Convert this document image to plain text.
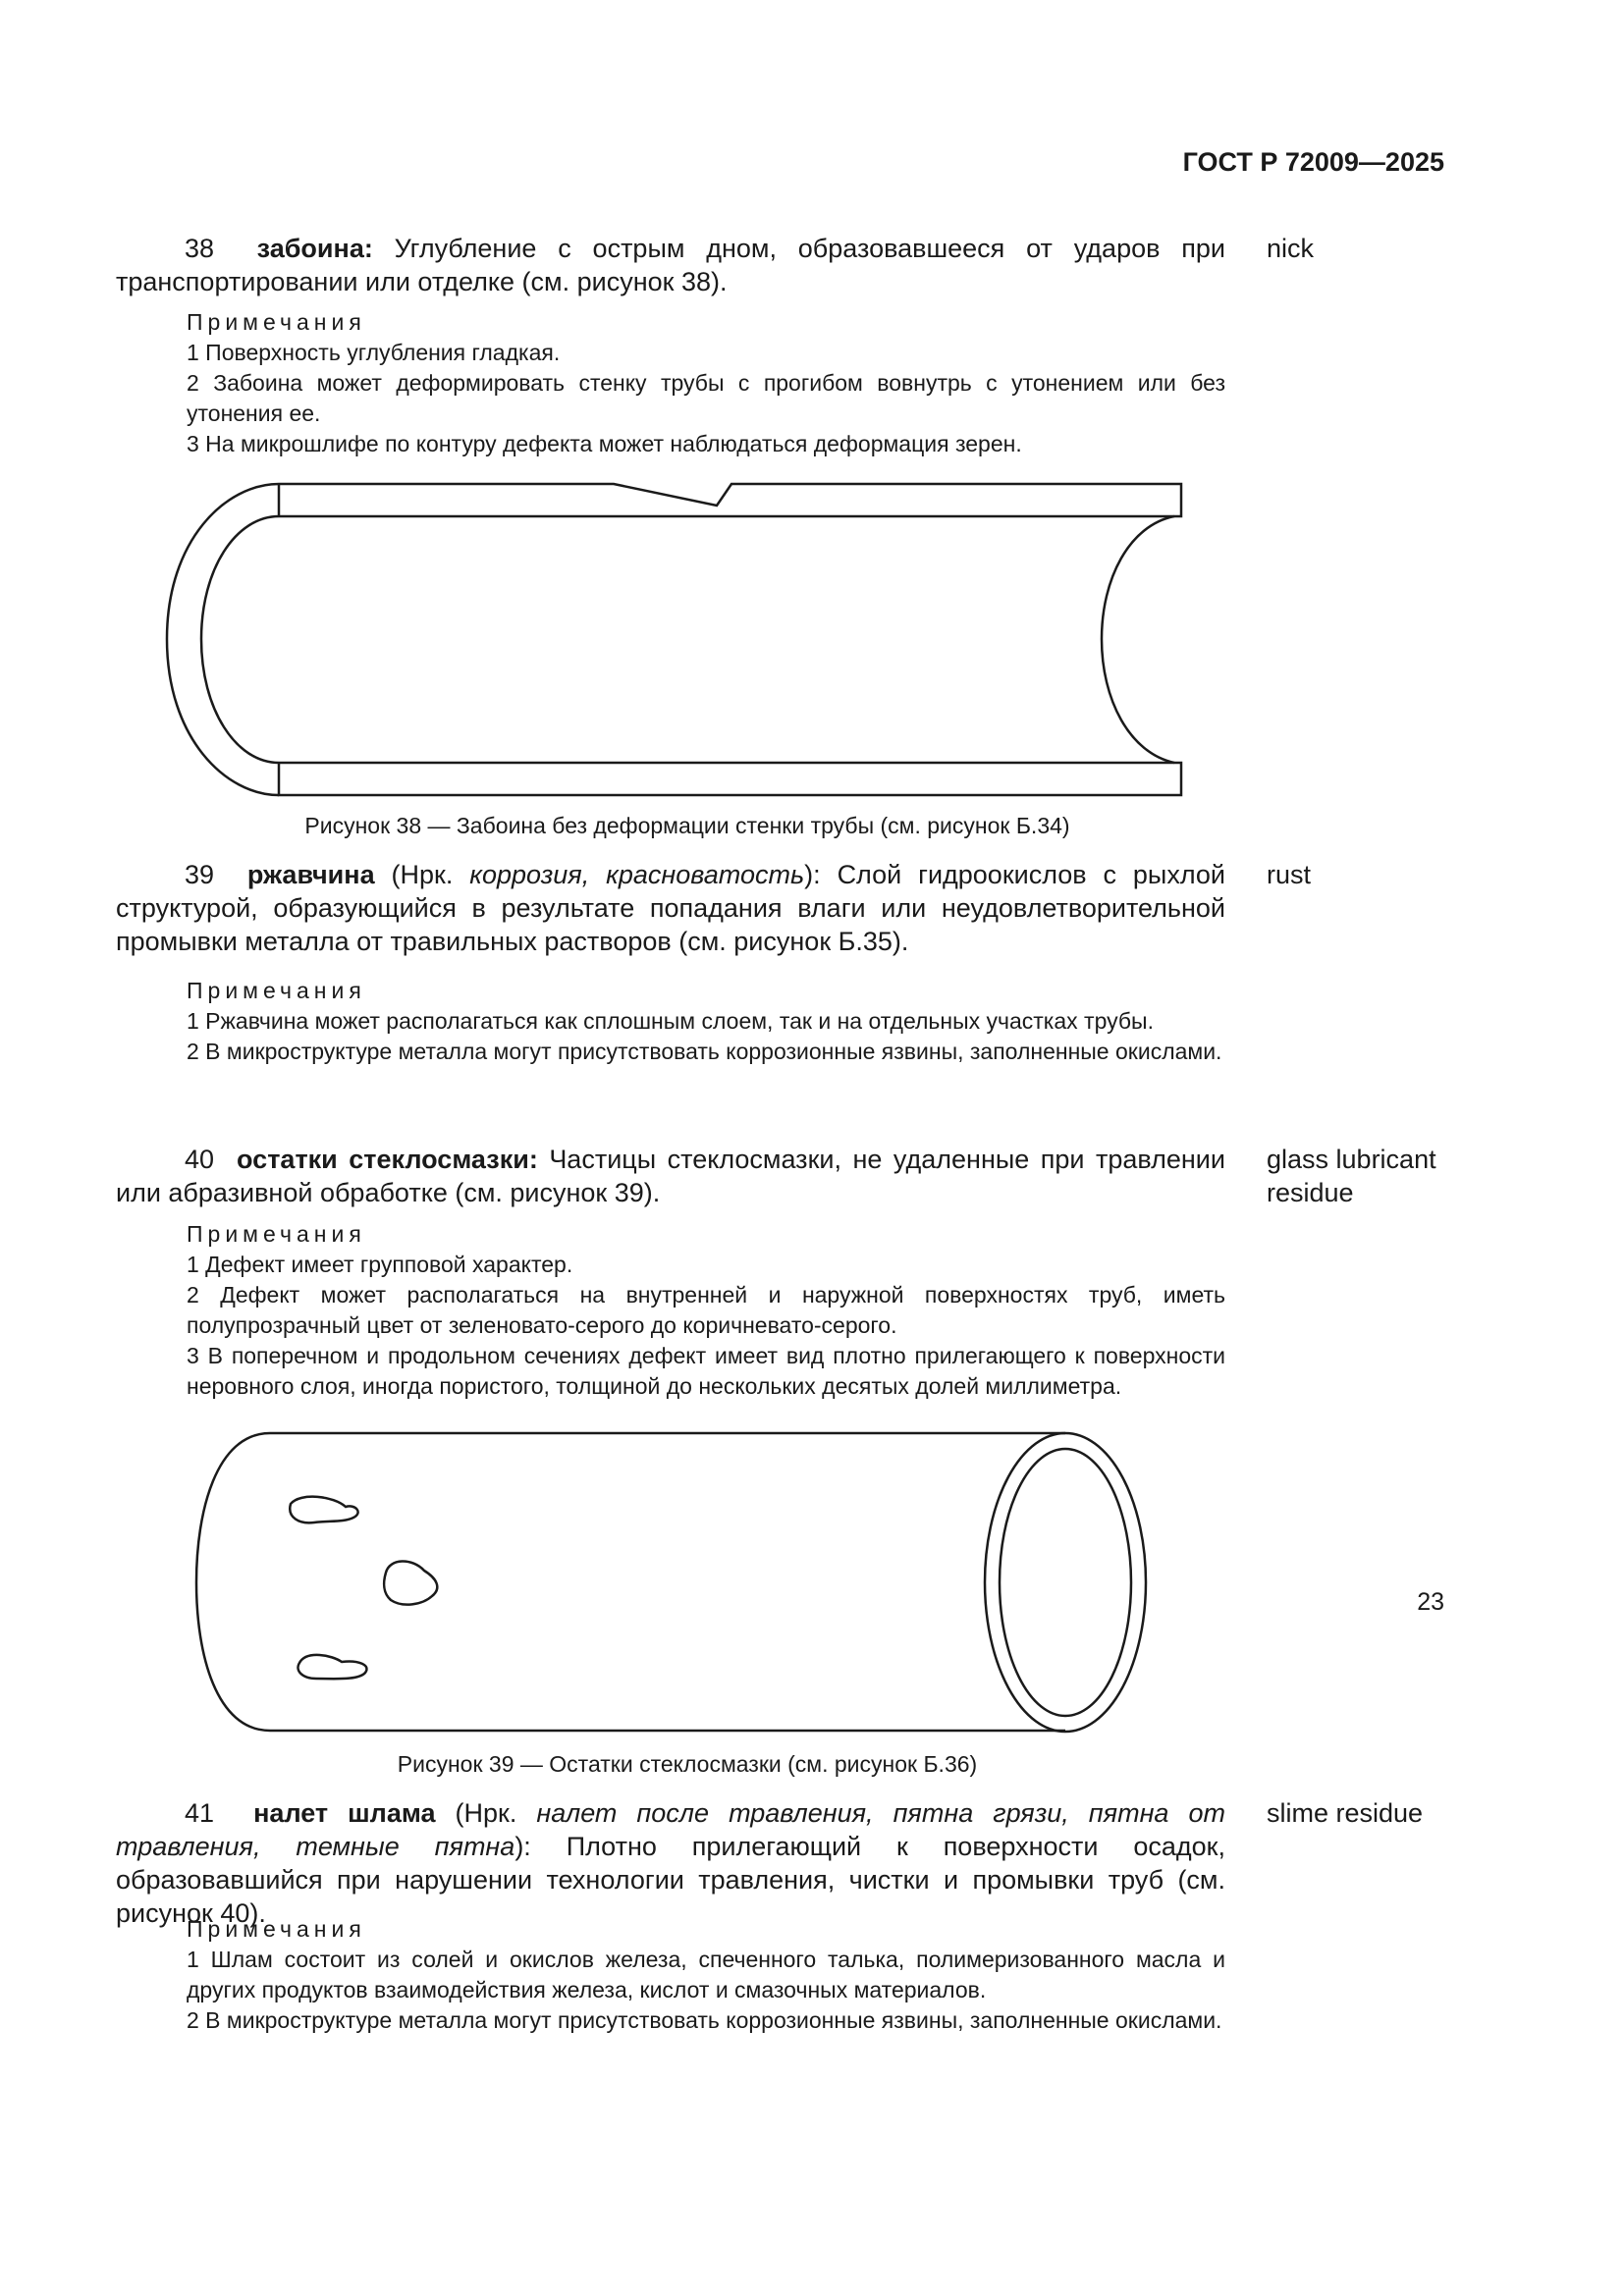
ГОСТ Р 72009—2025
38 забоина: Углубление с острым дном, образовавшееся от ударов при транспортировании или отделке (см. рисунок 38).
nick
Примечания
1 Поверхность углубления гладкая.
2 Забоина может деформировать стенку трубы с прогибом вовнутрь с утонением или без утонения ее.
3 На микрошлифе по контуру дефекта может наблюдаться деформация зерен.
Рисунок 38 — Забоина без деформации стенки трубы (см. рисунок Б.34)
39 ржавчина (Нрк. коррозия, красноватость): Слой гидроокислов с рыхлой структурой, образующийся в результате попадания влаги или неудовлетворительной промывки металла от травильных растворов (см. рисунок Б.35).
rust
Примечания
1 Ржавчина может располагаться как сплошным слоем, так и на отдельных участках трубы.
2 В микроструктуре металла могут присутствовать коррозионные язвины, заполненные окислами.
40 остатки стеклосмазки: Частицы стеклосмазки, не удаленные при травлении или абразивной обработке (см. рисунок 39).
glass lubricant
residue
Примечания
1 Дефект имеет групповой характер.
2 Дефект может располагаться на внутренней и наружной поверхностях труб, иметь полупрозрачный цвет от зеленовато-серого до коричневато-серого.
3 В поперечном и продольном сечениях дефект имеет вид плотно прилегающего к поверхности неровного слоя, иногда пористого, толщиной до нескольких десятых долей миллиметра.
Рисунок 39 — Остатки стеклосмазки (см. рисунок Б.36)
41 налет шлама (Нрк. налет после травления, пятна грязи, пятна от травления, темные пятна): Плотно прилегающий к поверхности осадок, образовавшийся при нарушении технологии травления, чистки и промывки труб (см. рисунок 40).
slime residue
Примечания
1 Шлам состоит из солей и окислов железа, спеченного талька, полимеризованного масла и других продуктов взаимодействия железа, кислот и смазочных материалов.
2 В микроструктуре металла могут присутствовать коррозионные язвины, заполненные окислами.
23
